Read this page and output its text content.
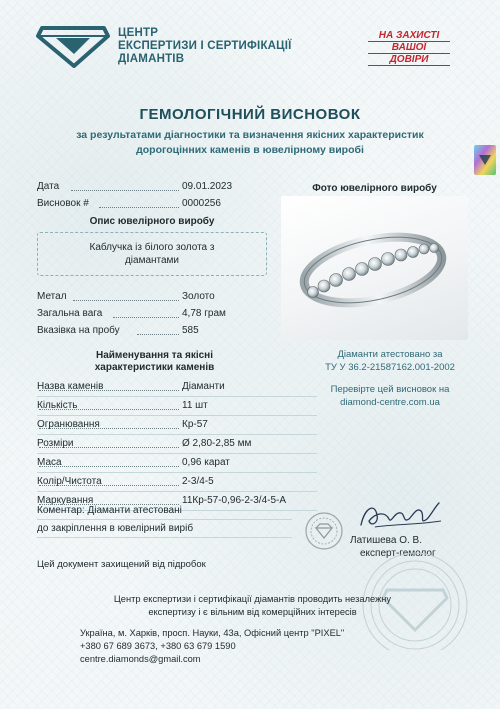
ЦЕНТР
ЕКСПЕРТИЗИ І СЕРТИФІКАЦІЇ
ДІАМАНТІВ
НА ЗАХИСТІ
ВАШОЇ
ДОВІРИ
ГЕМОЛОГІЧНИЙ ВИСНОВОК
за результатами діагностики та визначення якісних характеристик
дорогоцінних каменів в ювелірному виробі
Дата	09.01.2023
Висновок #	0000256
Опис ювелірного виробу
Каблучка із білого золота з
діамантами
Метал	Золото
Загальна вага	4,78 грам
Вказівка на пробу	585
Фото ювелірного виробу
Найменування та якісні
характеристики каменів
Назва каменів	Діаманти
Кількість	11 шт
Огранювання	Кр-57
Розміри	Ø 2,80-2,85 мм
Маса	0,96 карат
Колір/Чистота	2-3/4-5
Маркування	11Кр-57-0,96-2-3/4-5-А
Діаманти атестовано за
ТУ У 36.2-21587162.001-2002
Перевірте цей висновок на
diamond-centre.com.ua
Коментар: Діаманти атестовані
до закріплення в ювелірний виріб
Латишева О. В.
експерт-гемолог
Цей документ захищений від підробок
Центр експертизи і сертифікації діамантів проводить незалежну
експертизу і є вільним від комерційних інтересів
Україна, м. Харків, просп. Науки, 43а, Офісний центр "PIXEL"
+380 67 689 3673, +380 63 679 1590
centre.diamonds@gmail.com
